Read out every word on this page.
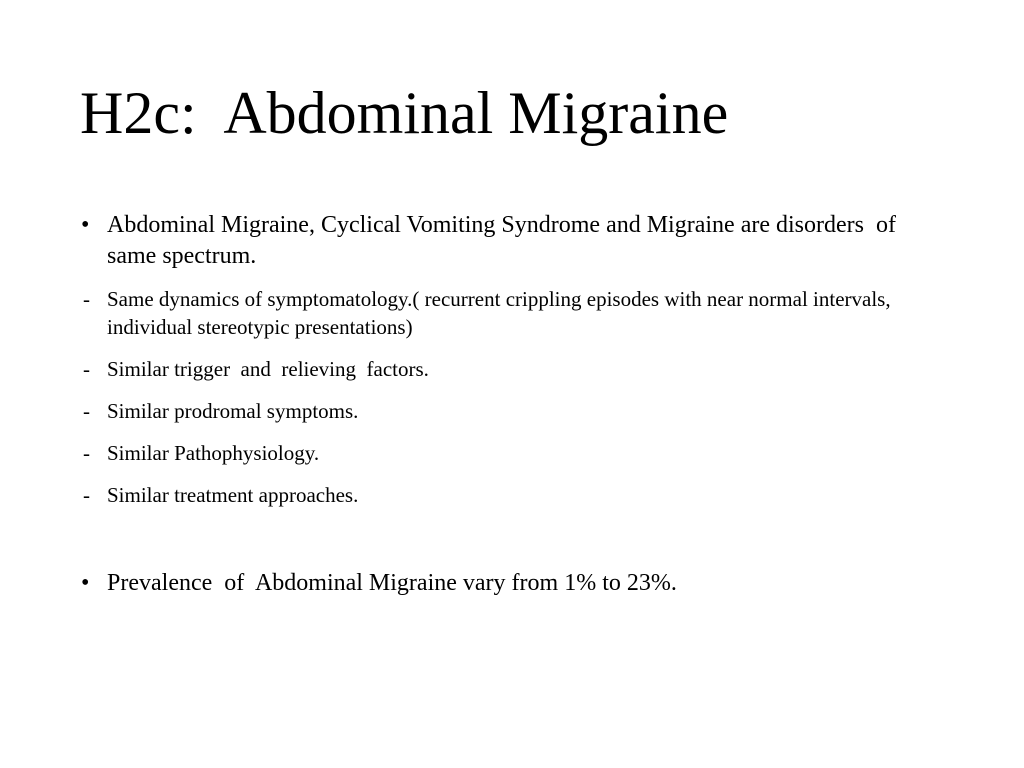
H2c:  Abdominal Migraine
• Abdominal Migraine, Cyclical Vomiting Syndrome and Migraine are disorders  of  same spectrum.
- Same dynamics of symptomatology.( recurrent crippling episodes with near normal intervals, individual stereotypic presentations)
- Similar trigger  and  relieving  factors.
- Similar prodromal symptoms.
- Similar Pathophysiology.
- Similar treatment approaches.
• Prevalence  of  Abdominal Migraine vary from 1% to 23%.
